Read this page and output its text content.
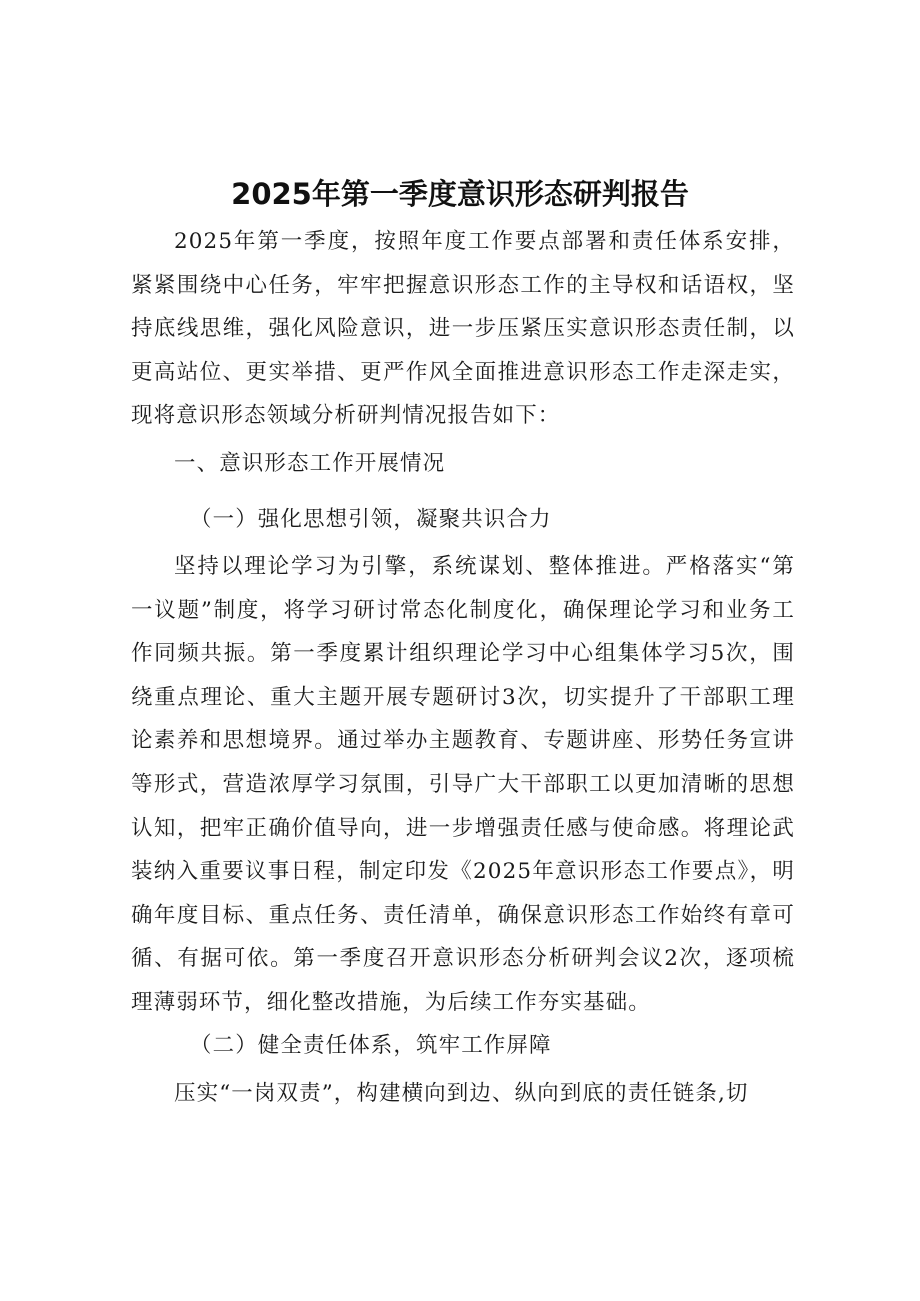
2025年第一季度意识形态研判报告

2025年第一季度，按照年度工作要点部署和责任体系安排，紧紧围绕中心任务，牢牢把握意识形态工作的主导权和话语权，坚持底线思维，强化风险意识，进一步压紧压实意识形态责任制，以更高站位、更实举措、更严作风全面推进意识形态工作走深走实，现将意识形态领域分析研判情况报告如下：

一、意识形态工作开展情况

（一）强化思想引领，凝聚共识合力

坚持以理论学习为引擎，系统谋划、整体推进。严格落实“第一议题”制度，将学习研讨常态化制度化，确保理论学习和业务工作同频共振。第一季度累计组织理论学习中心组集体学习5次，围绕重点理论、重大主题开展专题研讨3次，切实提升了干部职工理论素养和思想境界。通过举办主题教育、专题讲座、形势任务宣讲等形式，营造浓厚学习氛围，引导广大干部职工以更加清晰的思想认知，把牢正确价值导向，进一步增强责任感与使命感。将理论武装纳入重要议事日程，制定印发《2025年意识形态工作要点》，明确年度目标、重点任务、责任清单，确保意识形态工作始终有章可循、有据可依。第一季度召开意识形态分析研判会议2次，逐项梳理薄弱环节，细化整改措施，为后续工作夯实基础。

（二）健全责任体系，筑牢工作屏障

压实“一岗双责”，构建横向到边、纵向到底的责任链条,切
